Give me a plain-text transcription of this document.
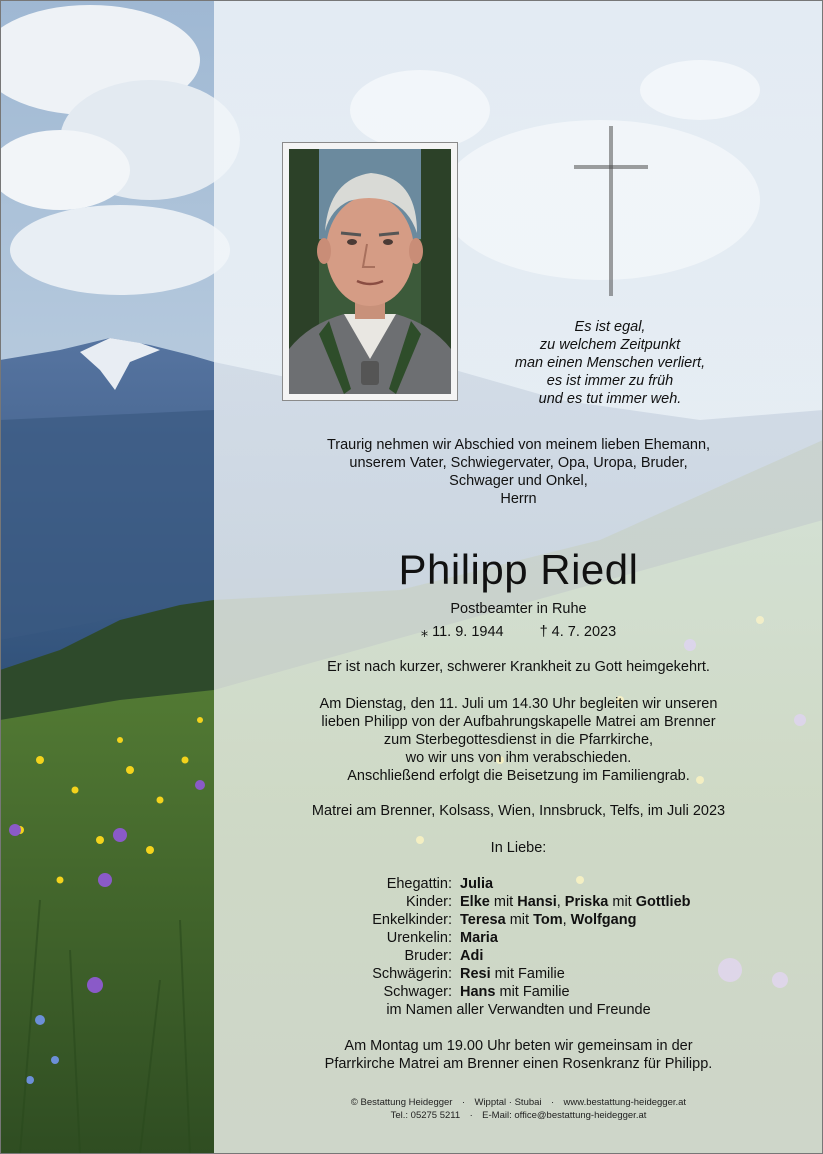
Es ist egal,
zu welchem Zeitpunkt
man einen Menschen verliert,
es ist immer zu früh
und es tut immer weh.
Traurig nehmen wir Abschied von meinem lieben Ehemann,
unserem Vater, Schwiegervater, Opa, Uropa, Bruder,
Schwager und Onkel,
Herrn
Philipp Riedl
Postbeamter in Ruhe
⁎ 11. 9. 1944 † 4. 7. 2023
Er ist nach kurzer, schwerer Krankheit zu Gott heimgekehrt.
Am Dienstag, den 11. Juli um 14.30 Uhr begleiten wir unseren
lieben Philipp von der Aufbahrungskapelle Matrei am Brenner
zum Sterbegottesdienst in die Pfarrkirche,
wo wir uns von ihm verabschieden.
Anschließend erfolgt die Beisetzung im Familiengrab.
Matrei am Brenner, Kolsass, Wien, Innsbruck, Telfs, im Juli 2023
In Liebe:
Ehegattin: Julia
Kinder: Elke mit Hansi, Priska mit Gottlieb
Enkelkinder: Teresa mit Tom, Wolfgang
Urenkelin: Maria
Bruder: Adi
Schwägerin: Resi mit Familie
Schwager: Hans mit Familie
im Namen aller Verwandten und Freunde
Am Montag um 19.00 Uhr beten wir gemeinsam in der
Pfarrkirche Matrei am Brenner einen Rosenkranz für Philipp.
© Bestattung Heidegger · Wipptal · Stubai · www.bestattung-heidegger.at
Tel.: 05275 5211 · E-Mail: office@bestattung-heidegger.at
